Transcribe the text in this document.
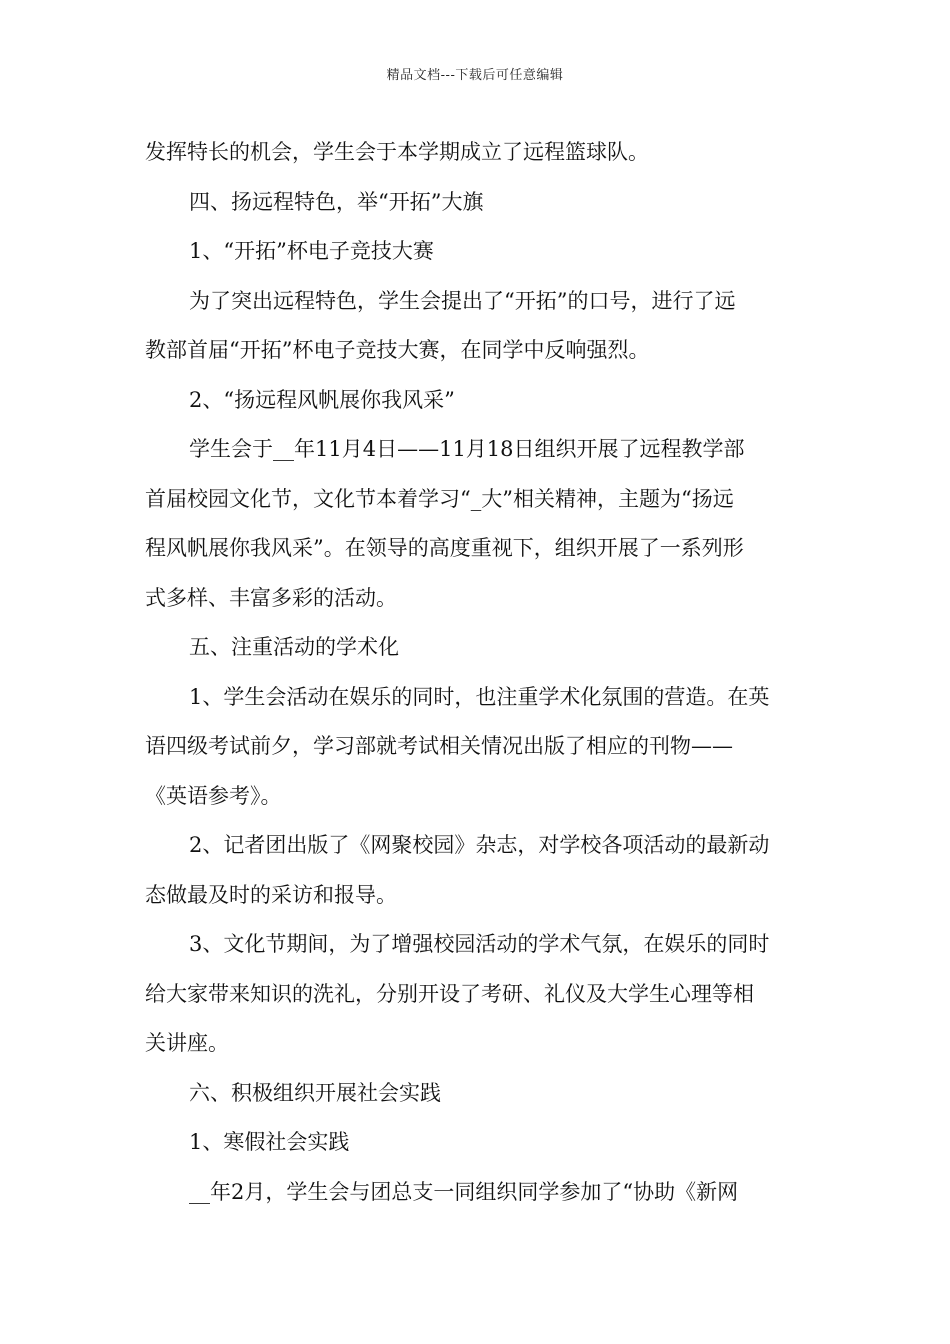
精品文档---下载后可任意编辑
发挥特长的机会，学生会于本学期成立了远程篮球队。
四、扬远程特色，举“开拓”大旗
1、“开拓”杯电子竞技大赛
为了突出远程特色，学生会提出了“开拓”的口号，进行了远
教部首届“开拓”杯电子竞技大赛，在同学中反响强烈。
2、“扬远程风帆展你我风采”
学生会于__年11月4日——11月18日组织开展了远程教学部
首届校园文化节，文化节本着学习“_大”相关精神，主题为“扬远
程风帆展你我风采”。在领导的高度重视下，组织开展了一系列形
式多样、丰富多彩的活动。
五、注重活动的学术化
1、学生会活动在娱乐的同时，也注重学术化氛围的营造。在英
语四级考试前夕，学习部就考试相关情况出版了相应的刊物——
《英语参考》。
2、记者团出版了《网聚校园》杂志，对学校各项活动的最新动
态做最及时的采访和报导。
3、文化节期间，为了增强校园活动的学术气氛，在娱乐的同时
给大家带来知识的洗礼，分别开设了考研、礼仪及大学生心理等相
关讲座。
六、积极组织开展社会实践
1、寒假社会实践
__年2月，学生会与团总支一同组织同学参加了“协助《新网
